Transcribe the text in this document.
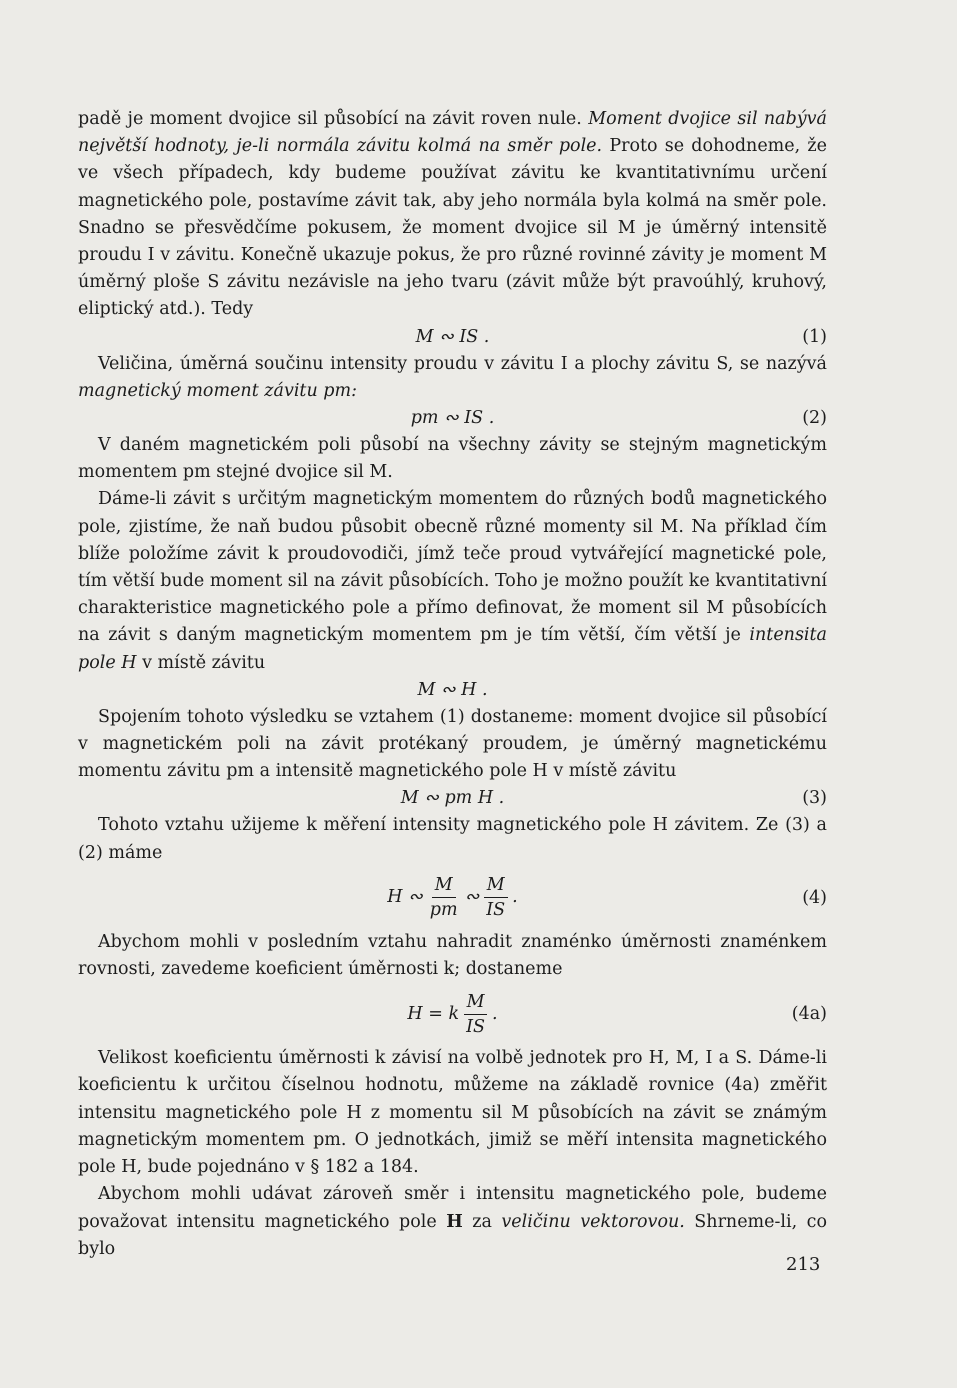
padě je moment dvojice sil působící na závit roven nule. Moment dvojice sil nabývá největší hodnoty, je-li normála závitu kolmá na směr pole. Proto se dohodneme, že ve všech případech, kdy budeme používat závitu ke kvantitativnímu určení magnetického pole, postavíme závit tak, aby jeho normála byla kolmá na směr pole. Snadno se přesvědčíme pokusem, že moment dvojice sil M je úměrný intensitě proudu I v závitu. Konečně ukazuje pokus, že pro různé rovinné závity je moment M úměrný ploše S závitu nezávisle na jeho tvaru (závit může být pravoúhlý, kruhový, eliptický atd.). Tedy

M ∾ IS .	(1)

Veličina, úměrná součinu intensity proudu v závitu I a plochy závitu S, se nazývá magnetický moment závitu pm:

pm ∾ IS .	(2)

V daném magnetickém poli působí na všechny závity se stejným magnetickým momentem pm stejné dvojice sil M.

Dáme-li závit s určitým magnetickým momentem do různých bodů magnetického pole, zjistíme, že naň budou působit obecně různé momenty sil M. Na příklad čím blíže položíme závit k proudovodiči, jímž teče proud vytvářející magnetické pole, tím větší bude moment sil na závit působících. Toho je možno použít ke kvantitativní charakteristice magnetického pole a přímo definovat, že moment sil M působících na závit s daným magnetickým momentem pm je tím větší, čím větší je intensita pole H v místě závitu

M ∾ H .

Spojením tohoto výsledku se vztahem (1) dostaneme: moment dvojice sil působící v magnetickém poli na závit protékaný proudem, je úměrný magnetickému momentu závitu pm a intensitě magnetického pole H v místě závitu

M ∾ pm H .	(3)

Tohoto vztahu užijeme k měření intensity magnetického pole H závitem. Ze (3) a (2) máme

H ∾ $\frac{M}{pm}$ ∾ $\frac{M}{IS}$ .	(4)

Abychom mohli v posledním vztahu nahradit znaménko úměrnosti znaménkem rovnosti, zavedeme koeficient úměrnosti k; dostaneme

H = k $\frac{M}{IS}$ .	(4a)

Velikost koeficientu úměrnosti k závisí na volbě jednotek pro H, M, I a S. Dáme-li koeficientu k určitou číselnou hodnotu, můžeme na základě rovnice (4a) změřit intensitu magnetického pole H z momentu sil M působících na závit se známým magnetickým momentem pm. O jednotkách, jimiž se měří intensita magnetického pole H, bude pojednáno v § 182 a 184.

Abychom mohli udávat zároveň směr i intensitu magnetického pole, budeme považovat intensitu magnetického pole H za veličinu vektorovou. Shrneme-li, co bylo

213
